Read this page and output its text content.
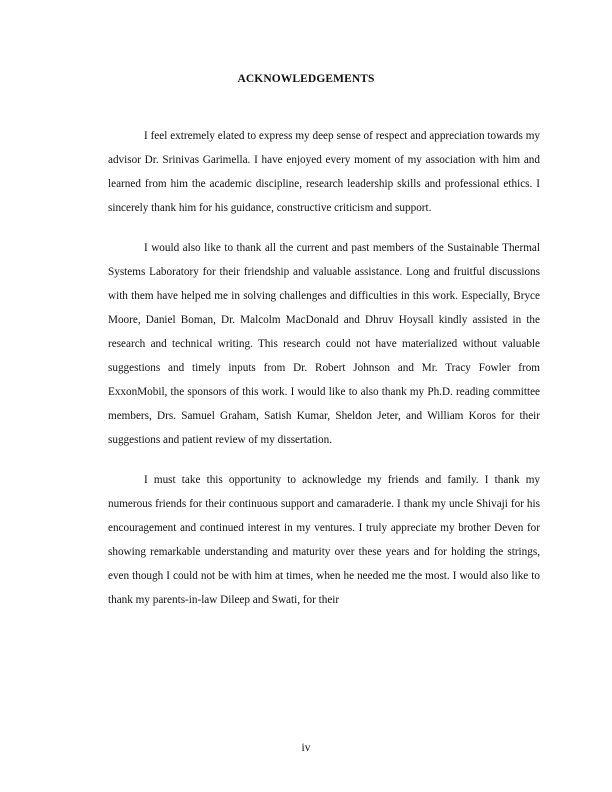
ACKNOWLEDGEMENTS

I feel extremely elated to express my deep sense of respect and appreciation towards my advisor Dr. Srinivas Garimella. I have enjoyed every moment of my association with him and learned from him the academic discipline, research leadership skills and professional ethics. I sincerely thank him for his guidance, constructive criticism and support.

I would also like to thank all the current and past members of the Sustainable Thermal Systems Laboratory for their friendship and valuable assistance. Long and fruitful discussions with them have helped me in solving challenges and difficulties in this work. Especially, Bryce Moore, Daniel Boman, Dr. Malcolm MacDonald and Dhruv Hoysall kindly assisted in the research and technical writing. This research could not have materialized without valuable suggestions and timely inputs from Dr. Robert Johnson and Mr. Tracy Fowler from ExxonMobil, the sponsors of this work. I would like to also thank my Ph.D. reading committee members, Drs. Samuel Graham, Satish Kumar, Sheldon Jeter, and William Koros for their suggestions and patient review of my dissertation.

I must take this opportunity to acknowledge my friends and family. I thank my numerous friends for their continuous support and camaraderie. I thank my uncle Shivaji for his encouragement and continued interest in my ventures. I truly appreciate my brother Deven for showing remarkable understanding and maturity over these years and for holding the strings, even though I could not be with him at times, when he needed me the most. I would also like to thank my parents-in-law Dileep and Swati, for their

iv
